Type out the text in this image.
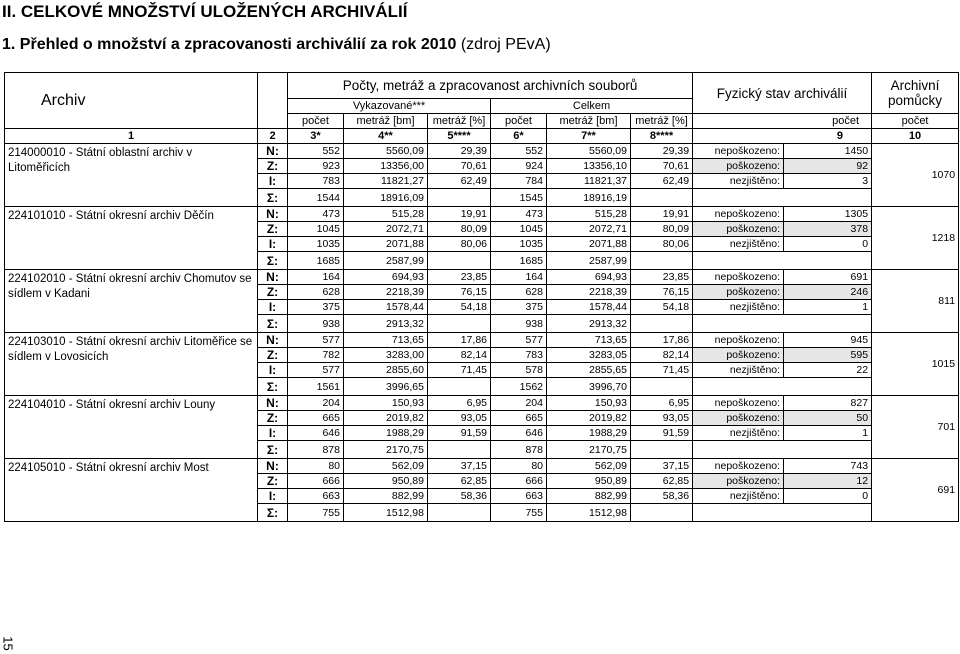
II. CELKOVÉ MNOŽSTVÍ ULOŽENÝCH ARCHIVÁLIÍ
1. Přehled o množství a zpracovanosti archiválií za rok 2010 (zdroj PEvA)
Archiv		Počty, metráž a zpracovanost archivních souborů						Fyzický stav archiválií		Archivní pomůcky
		Vykazované***			Celkem					
		počet	metráž [bm]	metráž [%]	počet	metráž [bm]	metráž [%]	počet		počet
1	2	3*	4**	5****	6*	7**	8****	9		10
214000010 - Státní oblastní archiv v Litoměřicích	N:	552	5560,09	29,39	552	5560,09	29,39	nepoškozeno:	1450	1070
	Z:	923	13356,00	70,61	924	13356,10	70,61	poškozeno:	92	
	I:	783	11821,27	62,49	784	11821,37	62,49	nezjištěno:	3	
	Σ:	1544	18916,09		1545	18916,19				
224101010 - Státní okresní archiv Děčín	N:	473	515,28	19,91	473	515,28	19,91	nepoškozeno:	1305	1218
	Z:	1045	2072,71	80,09	1045	2072,71	80,09	poškozeno:	378	
	I:	1035	2071,88	80,06	1035	2071,88	80,06	nezjištěno:	0	
	Σ:	1685	2587,99		1685	2587,99				
224102010 - Státní okresní archiv Chomutov se sídlem v Kadani	N:	164	694,93	23,85	164	694,93	23,85	nepoškozeno:	691	811
	Z:	628	2218,39	76,15	628	2218,39	76,15	poškozeno:	246	
	I:	375	1578,44	54,18	375	1578,44	54,18	nezjištěno:	1	
	Σ:	938	2913,32		938	2913,32				
224103010 - Státní okresní archiv Litoměřice se sídlem v Lovosicích	N:	577	713,65	17,86	577	713,65	17,86	nepoškozeno:	945	1015
	Z:	782	3283,00	82,14	783	3283,05	82,14	poškozeno:	595	
	I:	577	2855,60	71,45	578	2855,65	71,45	nezjištěno:	22	
	Σ:	1561	3996,65		1562	3996,70				
224104010 - Státní okresní archiv Louny	N:	204	150,93	6,95	204	150,93	6,95	nepoškozeno:	827	701
	Z:	665	2019,82	93,05	665	2019,82	93,05	poškozeno:	50	
	I:	646	1988,29	91,59	646	1988,29	91,59	nezjištěno:	1	
	Σ:	878	2170,75		878	2170,75				
224105010 - Státní okresní archiv Most	N:	80	562,09	37,15	80	562,09	37,15	nepoškozeno:	743	691
	Z:	666	950,89	62,85	666	950,89	62,85	poškozeno:	12	
	I:	663	882,99	58,36	663	882,99	58,36	nezjištěno:	0	
	Σ:	755	1512,98		755	1512,98				
15
